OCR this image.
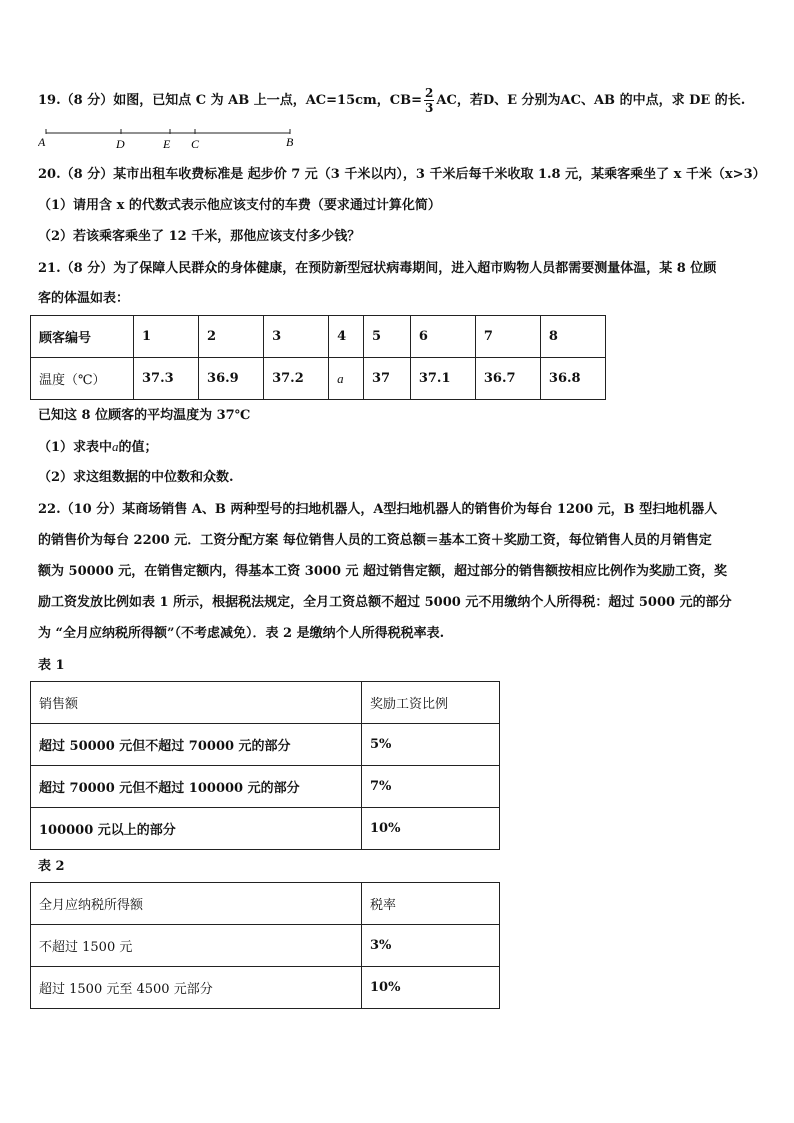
19.（8 分）如图，已知点 C 为 AB 上一点，AC=15cm，$CB= \frac{2}{3}$ AC，若D、E 分别为AC、AB 的中点，求 DE 的长.
A	D	E C	B
20.（8 分）某市出租车收费标准是 起步价 7 元（3 千米以内），3 千米后每千米收取 1.8 元，某乘客乘坐了 x 千米（x>3）
（1）请用含 x 的代数式表示他应该支付的车费（要求通过计算化简）
（2）若该乘客乘坐了 12 千米，那他应该支付多少钱？
21.（8 分）为了保障人民群众的身体健康，在预防新型冠状病毒期间，进入超市购物人员都需要测量体温，某 8 位顾
客的体温如表：
顾客编号	1	2	3	4	5	6	7	8
温度（℃）	37.3	36.9	37.2	a	37	37.1	36.7	36.8
已知这 8 位顾客的平均温度为 37℃
（1）求表中a的值；
（2）求这组数据的中位数和众数.
22.（10 分）某商场销售 A、B 两种型号的扫地机器人，A型扫地机器人的销售价为每台 1200 元，B 型扫地机器人
的销售价为每台 2200 元．工资分配方案 每位销售人员的工资总额＝基本工资＋奖励工资，每位销售人员的月销售定
额为 50000 元，在销售定额内，得基本工资 3000 元 超过销售定额，超过部分的销售额按相应比例作为奖励工资，奖
励工资发放比例如表 1 所示，根据税法规定，全月工资总额不超过 5000 元不用缴纳个人所得税：超过 5000 元的部分
为 “全月应纳税所得额”（不考虑减免）．表 2 是缴纳个人所得税税率表.
表 1
销售额	奖励工资比例
超过 50000 元但不超过 70000 元的部分	5%
超过 70000 元但不超过 100000 元的部分	7%
100000 元以上的部分	10%
表 2
全月应纳税所得额	税率
不超过 1500 元	3%
超过 1500 元至 4500 元部分	10%
